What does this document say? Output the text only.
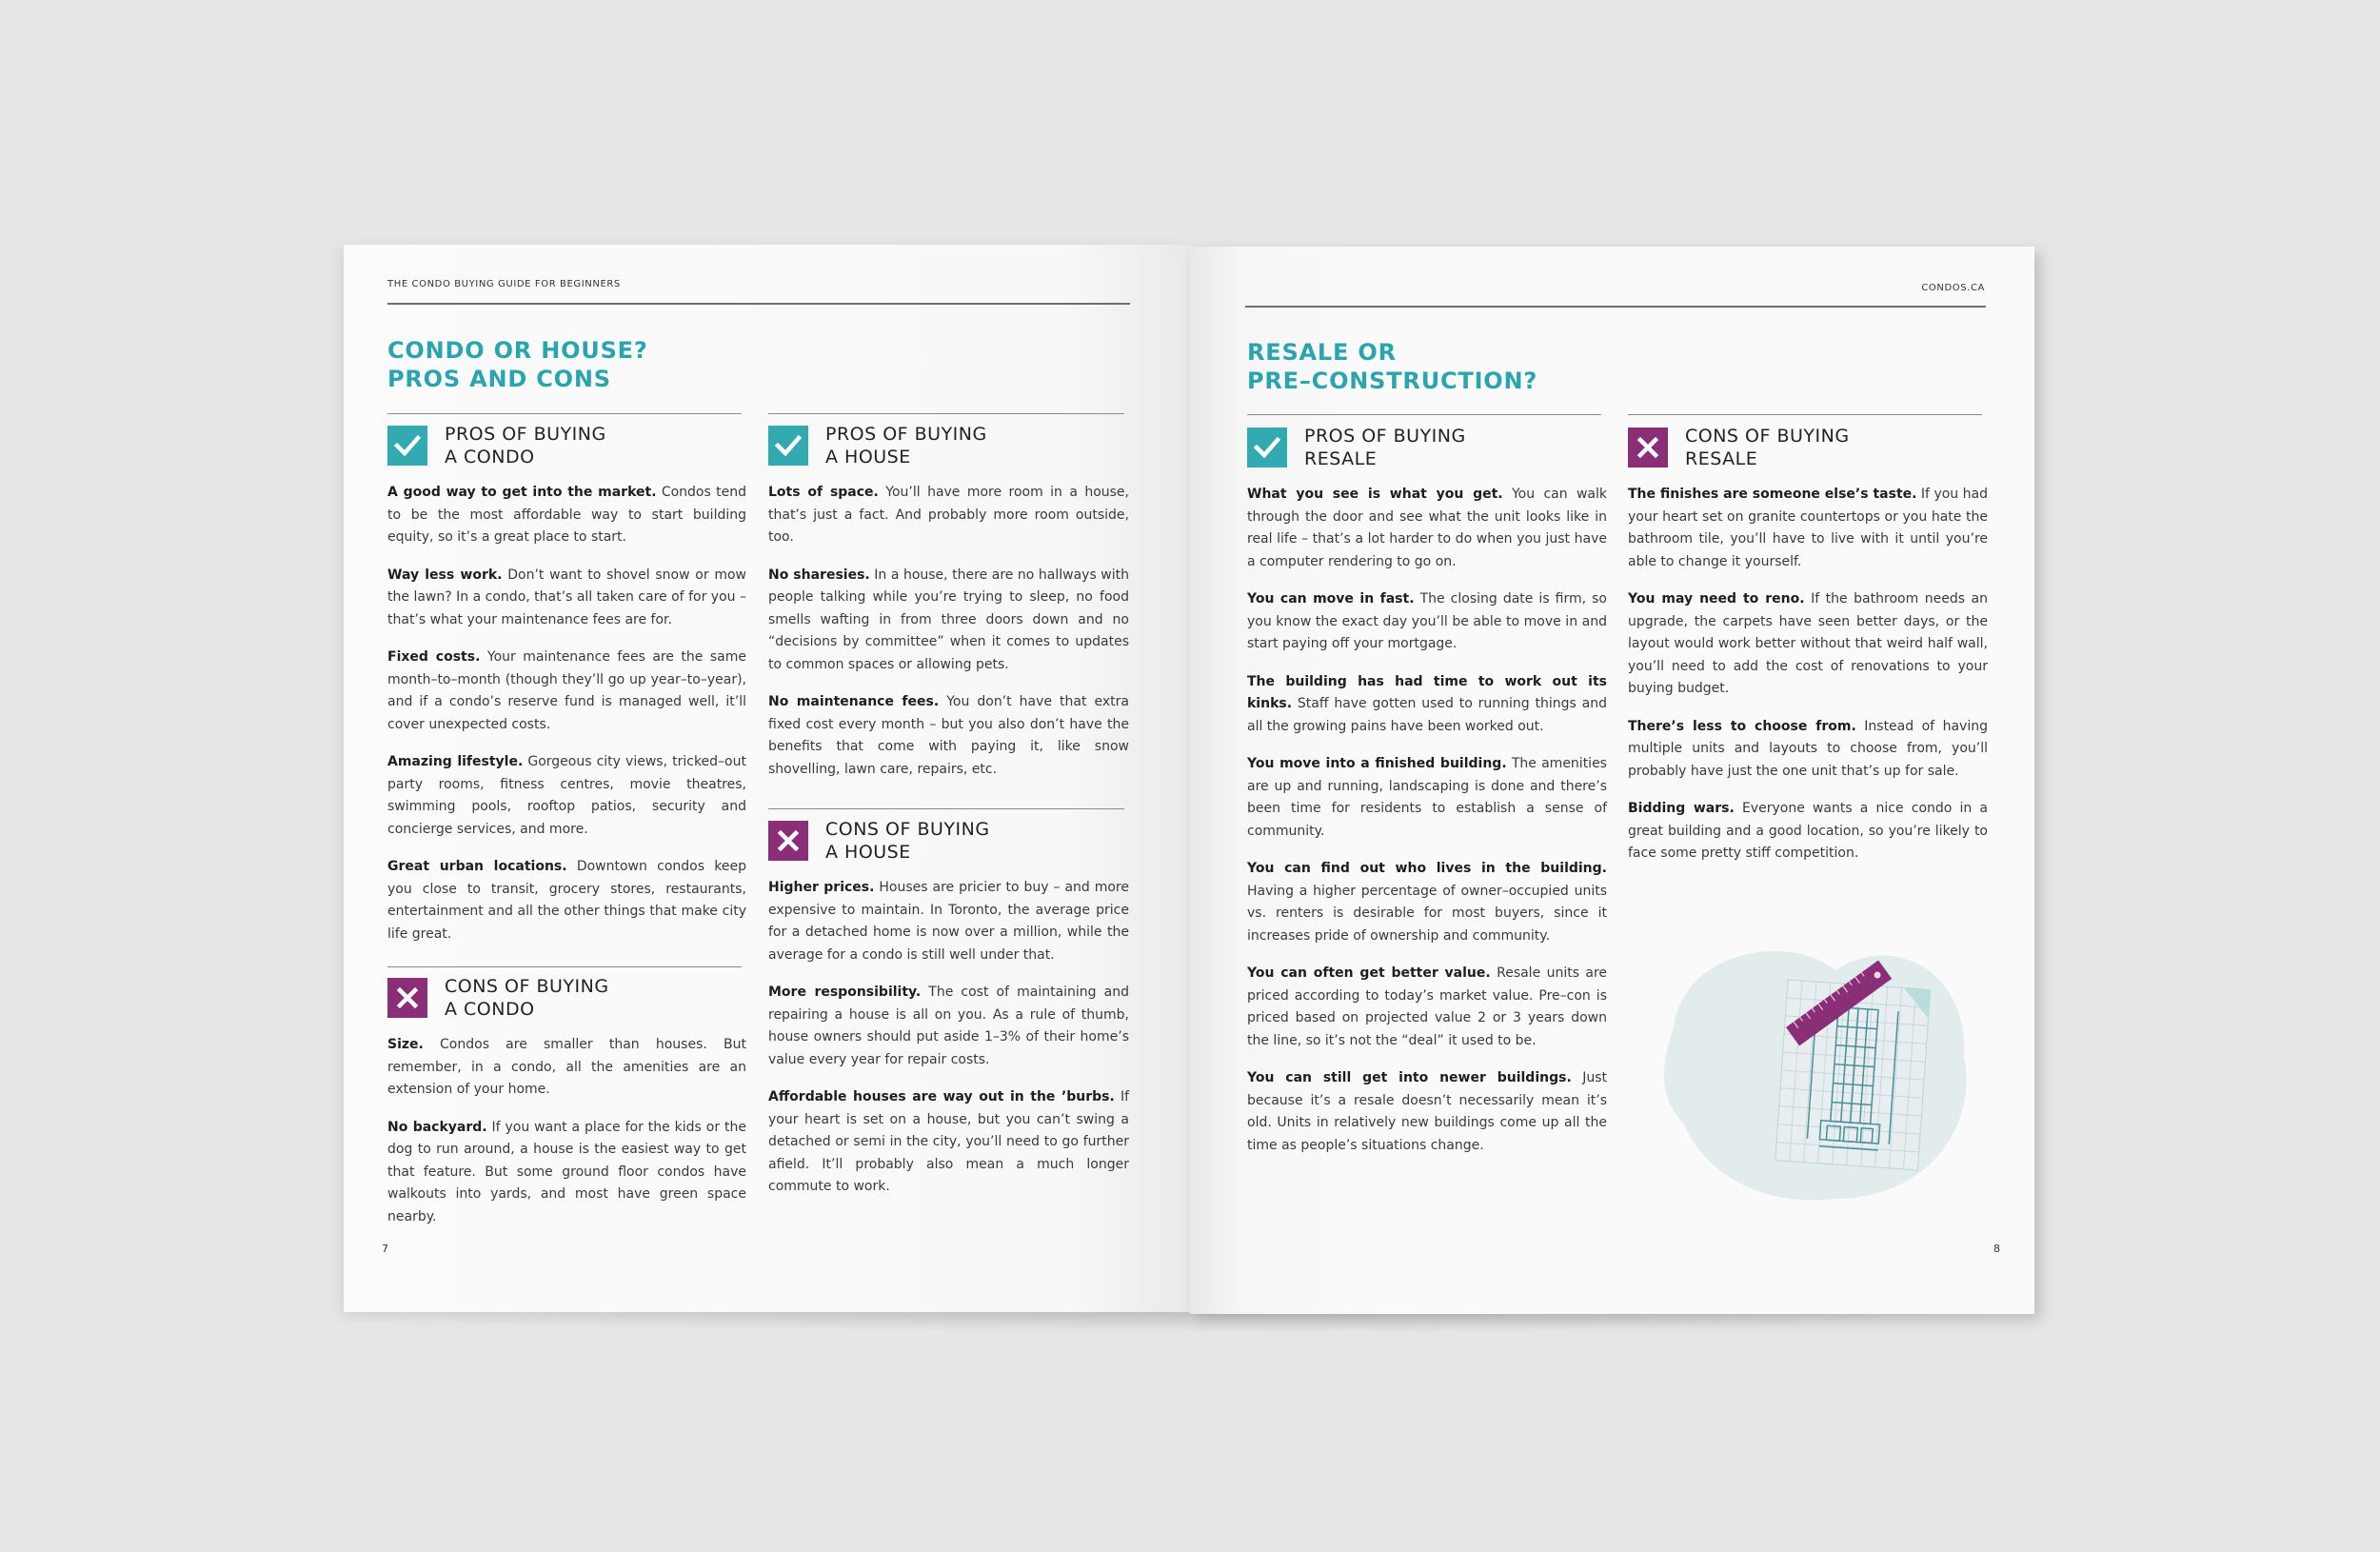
THE CONDO BUYING GUIDE FOR BEGINNERS
CONDO OR HOUSE?
PROS AND CONS
PROS OF BUYING
A CONDO

A good way to get into the market. Condos tend to be the most affordable way to start building equity, so it’s a great place to start.

Way less work. Don’t want to shovel snow or mow the lawn? In a condo, that’s all taken care of for you – that’s what your maintenance fees are for.

Fixed costs. Your maintenance fees are the same month–to–month (though they’ll go up year–to–year), and if a condo’s reserve fund is managed well, it’ll cover unexpected costs.

Amazing lifestyle. Gorgeous city views, tricked–out party rooms, fitness centres, movie theatres, swimming pools, rooftop patios, security and concierge services, and more.

Great urban locations. Downtown condos keep you close to transit, grocery stores, restaurants, entertainment and all the other things that make city life great.

CONS OF BUYING
A CONDO

Size. Condos are smaller than houses. But remember, in a condo, all the amenities are an extension of your home.

No backyard. If you want a place for the kids or the dog to run around, a house is the easiest way to get that feature. But some ground floor condos have walkouts into yards, and most have green space nearby.

PROS OF BUYING
A HOUSE

Lots of space. You’ll have more room in a house, that’s just a fact. And probably more room outside, too.

No sharesies. In a house, there are no hallways with people talking while you’re trying to sleep, no food smells wafting in from three doors down and no “decisions by committee” when it comes to updates to common spaces or allowing pets.

No maintenance fees. You don’t have that extra fixed cost every month – but you also don’t have the benefits that come with paying it, like snow shovelling, lawn care, repairs, etc.

CONS OF BUYING
A HOUSE

Higher prices. Houses are pricier to buy – and more expensive to maintain. In Toronto, the average price for a detached home is now over a million, while the average for a condo is still well under that.

More responsibility. The cost of maintaining and repairing a house is all on you. As a rule of thumb, house owners should put aside 1–3% of their home’s value every year for repair costs.

Affordable houses are way out in the ’burbs. If your heart is set on a house, but you can’t swing a detached or semi in the city, you’ll need to go further afield. It’ll probably also mean a much longer commute to work.

7
CONDOS.CA
RESALE OR
PRE–CONSTRUCTION?
PROS OF BUYING
RESALE

What you see is what you get. You can walk through the door and see what the unit looks like in real life – that’s a lot harder to do when you just have a computer rendering to go on.

You can move in fast. The closing date is firm, so you know the exact day you’ll be able to move in and start paying off your mortgage.

The building has had time to work out its kinks. Staff have gotten used to running things and all the growing pains have been worked out.

You move into a finished building. The amenities are up and running, landscaping is done and there’s been time for residents to establish a sense of community.

You can find out who lives in the building. Having a higher percentage of owner–occupied units vs. renters is desirable for most buyers, since it increases pride of ownership and community.

You can often get better value. Resale units are priced according to today’s market value. Pre–con is priced based on projected value 2 or 3 years down the line, so it’s not the “deal” it used to be.

You can still get into newer buildings. Just because it’s a resale doesn’t necessarily mean it’s old. Units in relatively new buildings come up all the time as people’s situations change.

CONS OF BUYING
RESALE

The finishes are someone else’s taste. If you had your heart set on granite countertops or you hate the bathroom tile, you’ll have to live with it until you’re able to change it yourself.

You may need to reno. If the bathroom needs an upgrade, the carpets have seen better days, or the layout would work better without that weird half wall, you’ll need to add the cost of renovations to your buying budget.

There’s less to choose from. Instead of having multiple units and layouts to choose from, you’ll probably have just the one unit that’s up for sale.

Bidding wars. Everyone wants a nice condo in a great building and a good location, so you’re likely to face some pretty stiff competition.

8
